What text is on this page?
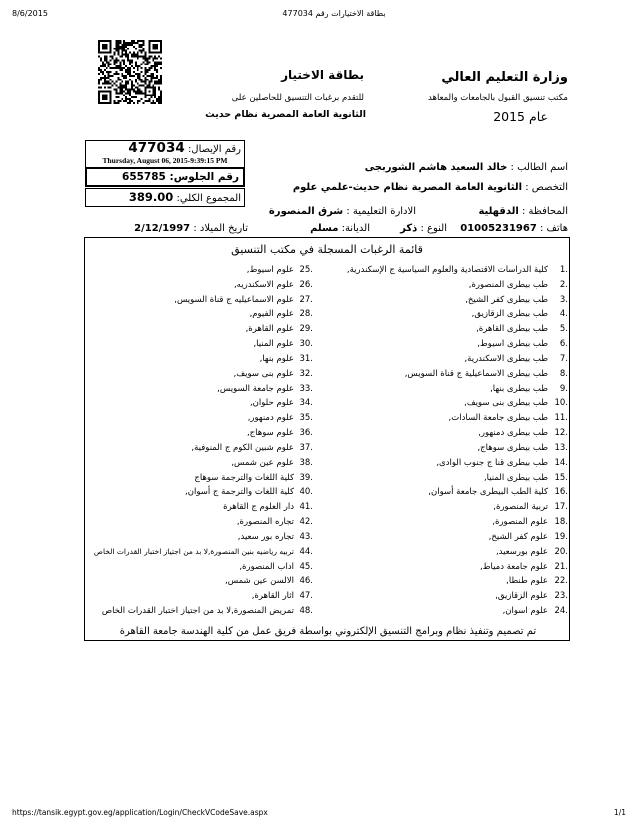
8/6/2015	بطاقة الاختيارات رقم 477034
بطاقة الاختيار
للتقدم برغبات التنسيق للحاصلين على
الثانوية العامة المصرية نظام حديث
وزارة التعليم العالي
مكتب تنسيق القبول بالجامعات والمعاهد
عام 2015
رقم الإيصال: 477034
Thursday, August 06, 2015-9:39:15 PM
رقم الجلوس: 655785
المجموع الكلي: 389.00
اسم الطالب : خالد السعيد هاشم الشوربجى
التخصص : الثانوية العامة المصرية نظام حديث-علمي علوم
المحافظة : الدقهلية
الادارة التعليمية : شرق المنصورة
هاتف : 01005231967
النوع : ذكر
الديانة: مسلم
تاريخ الميلاد : 2/12/1997
قائمة الرغبات المسجلة في مكتب التنسيق
1.
كلية الدراسات الاقتصادية والعلوم السياسية ج الإسكندرية,
2.
طب بيطرى المنصورة,
3.
طب بيطرى كفر الشيخ,
4.
طب بيطرى الزقازيق,
5.
طب بيطرى القاهرة,
6.
طب بيطرى اسيوط,
7.
طب بيطرى الاسكندرية,
8.
طب بيطرى الاسماعيلية ج قناة السويس,
9.
طب بيطرى بنها,
10.
طب بيطرى بنى سويف,
11.
طب بيطرى جامعة السادات,
12.
طب بيطرى دمنهور,
13.
طب بيطرى سوهاج,
14.
طب بيطرى قنا ج جنوب الوادى,
15.
طب بيطرى المنيا,
16.
كلية الطب البيطرى جامعة أسوان,
17.
تربية المنصورة,
18.
علوم المنصورة,
19.
علوم كفر الشيخ,
20.
علوم بورسعيد,
21.
علوم جامعة دمياط,
22.
علوم طنطا,
23.
علوم الزقازيق,
24.
علوم اسوان,
25.
علوم اسيوط,
26.
علوم الاسكندريه,
27.
علوم الاسماعيليه ج قناة السويس,
28.
علوم الفيوم,
29.
علوم القاهرة,
30.
علوم المنيا,
31.
علوم بنها,
32.
علوم بنى سويف,
33.
علوم جامعة السويس,
34.
علوم حلوان,
35.
علوم دمنهور,
36.
علوم سوهاج,
37.
علوم شبين الكوم ج المنوفية,
38.
علوم عين شمس,
39.
كلية اللغات والترجمة سوهاج
40.
كلية اللغات والترجمة ج أسوان,
41.
دار العلوم ج القاهرة
42.
تجاره المنصورة,
43.
تجاره بور سعيد,
44.
تربيه رياضيه بنين المنصورة,لا بد من اجتياز اختبار القدرات الخاص
45.
اداب المنصورة,
46.
الالسن عين شمس,
47.
اثار القاهرة,
48.
تمريض المنصورة,لا بد من اجتياز اختبار القدرات الخاص
تم تصميم وتنفيذ نظام وبرامج التنسيق الإلكتروني بواسطة فريق عمل من كلية الهندسة جامعة القاهرة
https://tansik.egypt.gov.eg/application/Login/CheckVCodeSave.aspx	1/1
